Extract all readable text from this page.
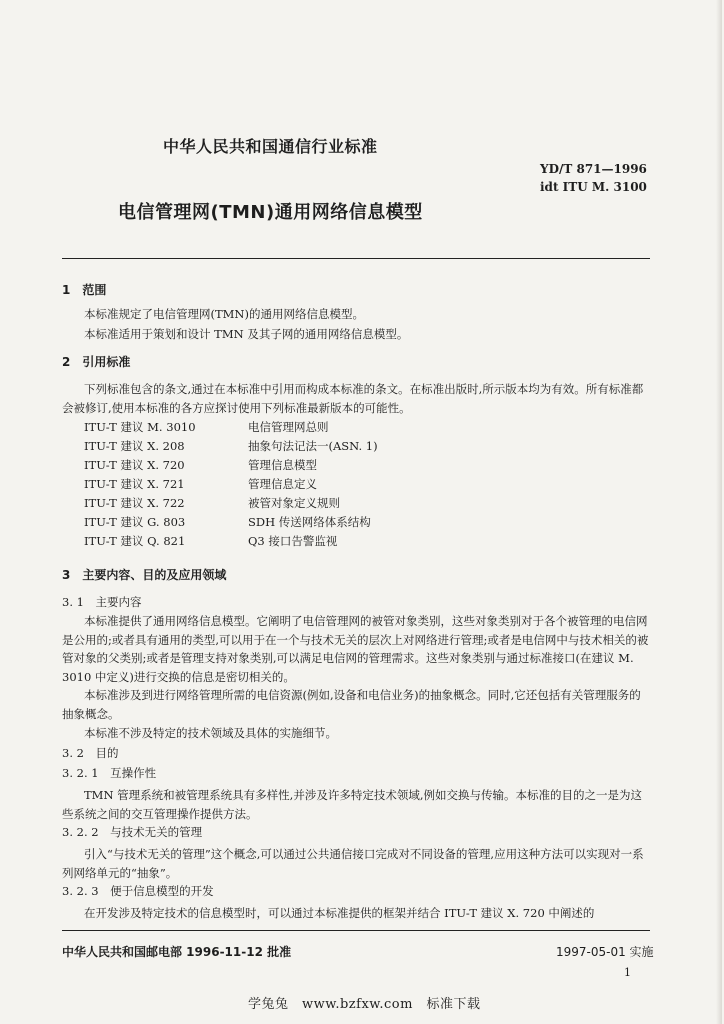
中华人民共和国通信行业标准
YD/T 871—1996
idt ITU M. 3100
电信管理网(TMN)通用网络信息模型
1　范围
本标准规定了电信管理网(TMN)的通用网络信息模型。
本标准适用于策划和设计 TMN 及其子网的通用网络信息模型。
2　引用标准
下列标准包含的条文,通过在本标准中引用而构成本标准的条文。在标准出版时,所示版本均为有效。所有标准都会被修订,使用本标准的各方应探讨使用下列标准最新版本的可能性。
ITU-T 建议 M. 3010	电信管理网总则
ITU-T 建议 X. 208	抽象句法记法一(ASN. 1)
ITU-T 建议 X. 720	管理信息模型
ITU-T 建议 X. 721	管理信息定义
ITU-T 建议 X. 722	被管对象定义规则
ITU-T 建议 G. 803	SDH 传送网络体系结构
ITU-T 建议 Q. 821	Q3 接口告警监视
3　主要内容、目的及应用领域
3. 1　主要内容
本标准提供了通用网络信息模型。它阐明了电信管理网的被管对象类别，这些对象类别对于各个被管理的电信网是公用的;或者具有通用的类型,可以用于在一个与技术无关的层次上对网络进行管理;或者是电信网中与技术相关的被管对象的父类别;或者是管理支持对象类别,可以满足电信网的管理需求。这些对象类别与通过标准接口(在建议 M. 3010 中定义)进行交换的信息是密切相关的。
本标准涉及到进行网络管理所需的电信资源(例如,设备和电信业务)的抽象概念。同时,它还包括有关管理服务的抽象概念。
本标准不涉及特定的技术领域及具体的实施细节。
3. 2　目的
3. 2. 1　互操作性
TMN 管理系统和被管理系统具有多样性,并涉及许多特定技术领域,例如交换与传输。本标准的目的之一是为这些系统之间的交互管理操作提供方法。
3. 2. 2　与技术无关的管理
引入“与技术无关的管理”这个概念,可以通过公共通信接口完成对不同设备的管理,应用这种方法可以实现对一系列网络单元的“抽象”。
3. 2. 3　便于信息模型的开发
在开发涉及特定技术的信息模型时，可以通过本标准提供的框架并结合 ITU-T 建议 X. 720 中阐述的
中华人民共和国邮电部 1996-11-12 批准	1997-05-01 实施
1
学兔兔　www.bzfxw.com　标准下载
